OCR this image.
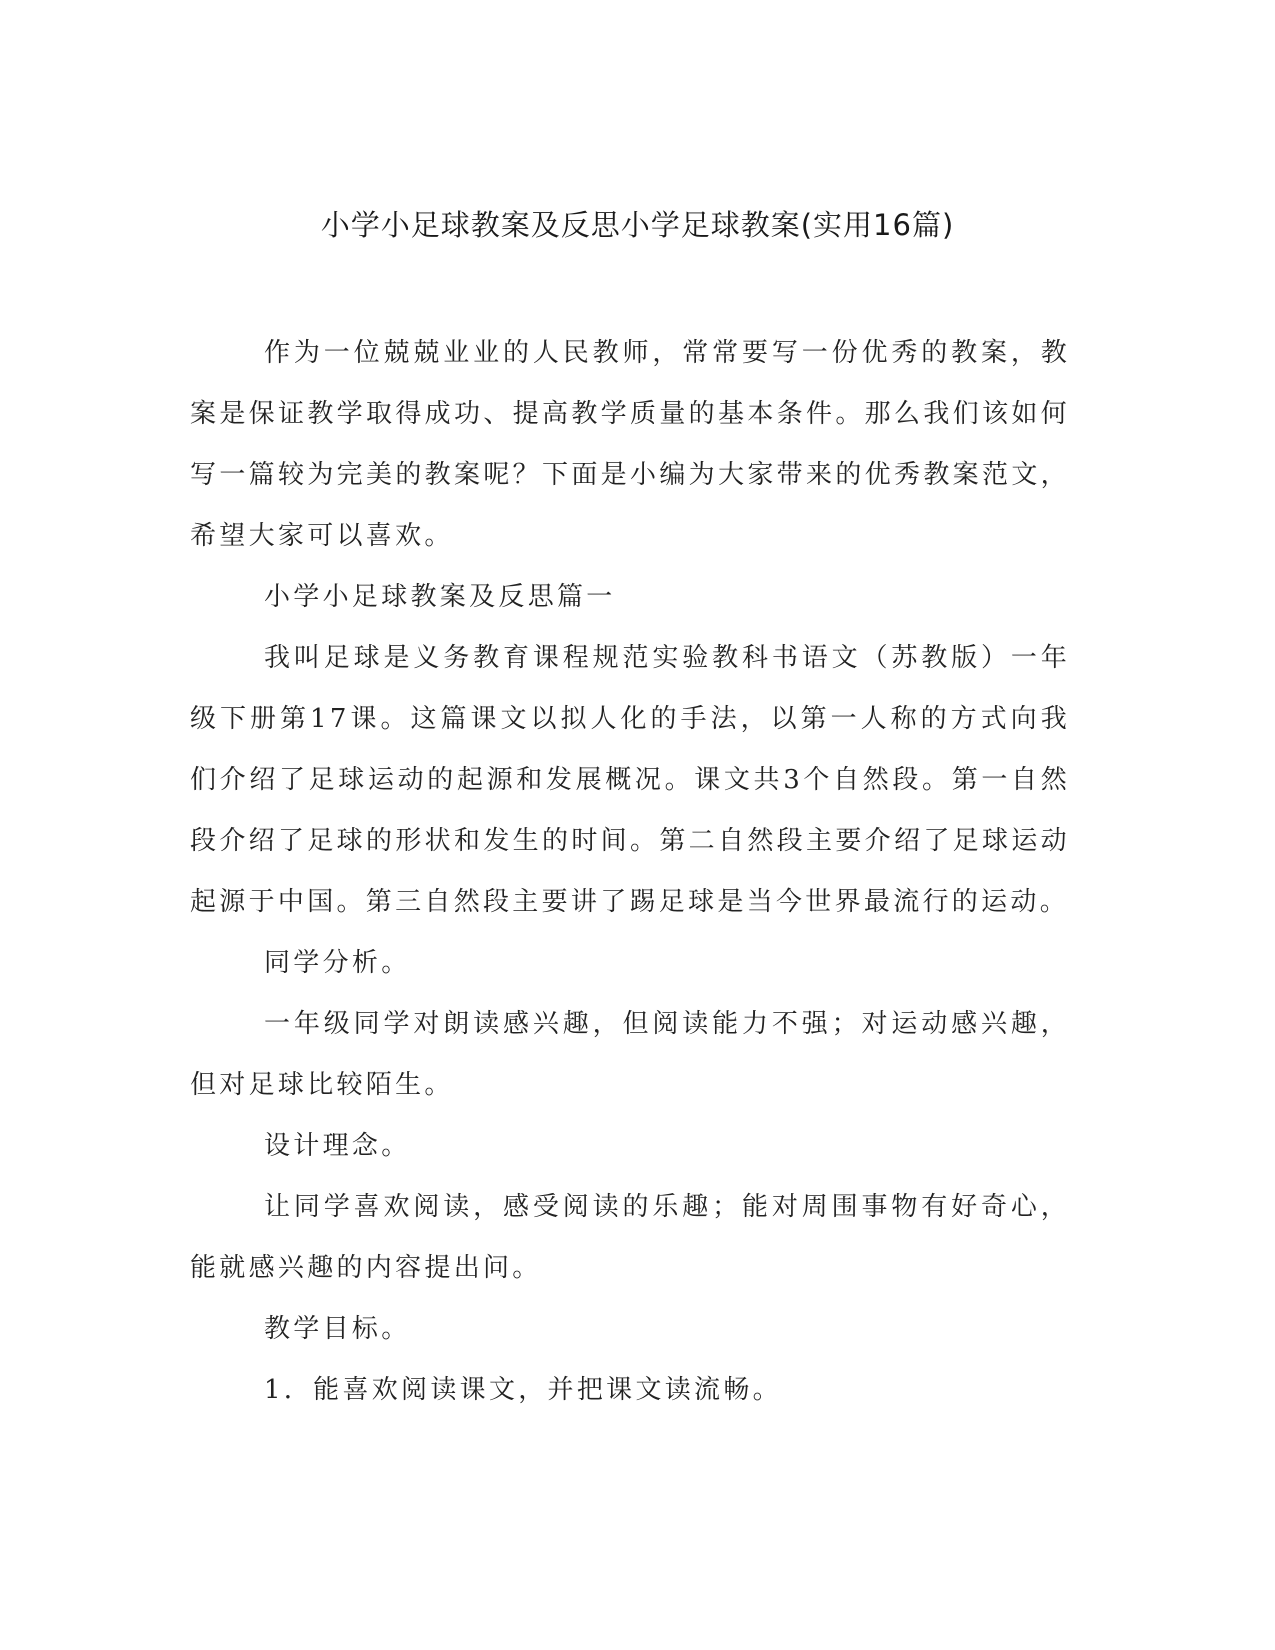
小学小足球教案及反思小学足球教案(实用16篇)

作为一位兢兢业业的人民教师，常常要写一份优秀的教案，教案是保证教学取得成功、提高教学质量的基本条件。那么我们该如何写一篇较为完美的教案呢？下面是小编为大家带来的优秀教案范文，希望大家可以喜欢。

小学小足球教案及反思篇一

我叫足球是义务教育课程规范实验教科书语文（苏教版）一年级下册第17课。这篇课文以拟人化的手法，以第一人称的方式向我们介绍了足球运动的起源和发展概况。课文共3个自然段。第一自然段介绍了足球的形状和发生的时间。第二自然段主要介绍了足球运动起源于中国。第三自然段主要讲了踢足球是当今世界最流行的运动。

同学分析。

一年级同学对朗读感兴趣，但阅读能力不强；对运动感兴趣，但对足球比较陌生。

设计理念。

让同学喜欢阅读，感受阅读的乐趣；能对周围事物有好奇心，能就感兴趣的内容提出问。

教学目标。

1．能喜欢阅读课文，并把课文读流畅。
